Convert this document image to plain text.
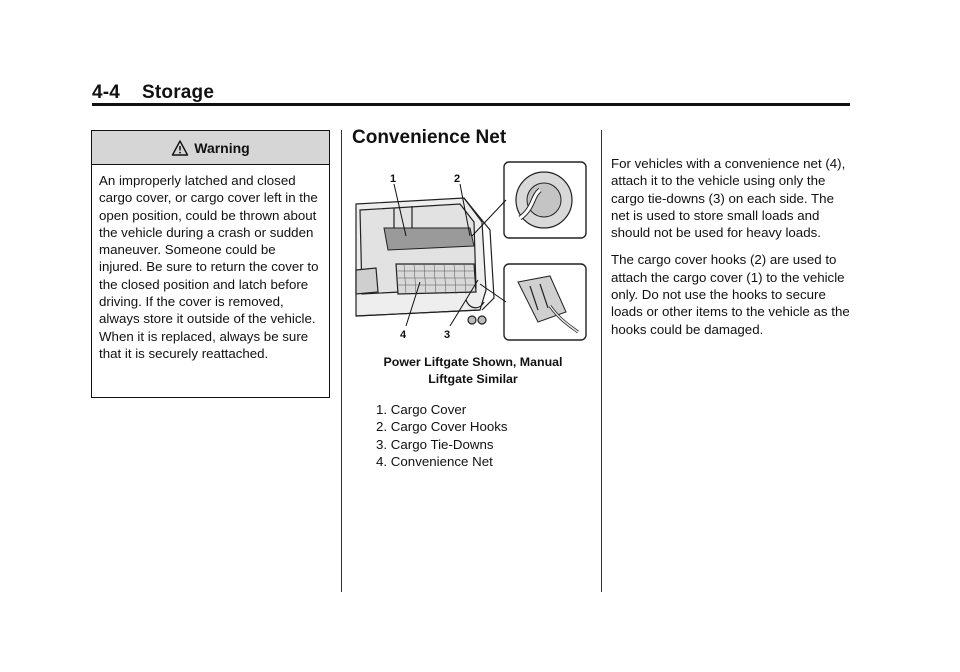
4-4 Storage
Warning
An improperly latched and closed cargo cover, or cargo cover left in the open position, could be thrown about the vehicle during a crash or sudden maneuver. Someone could be injured. Be sure to return the cover to the closed position and latch before driving. If the cover is removed, always store it outside of the vehicle. When it is replaced, always be sure that it is securely reattached.
Convenience Net
1	2
4	3
Power Liftgate Shown, Manual
Liftgate Similar
1. Cargo Cover
2. Cargo Cover Hooks
3. Cargo Tie-Downs
4. Convenience Net

For vehicles with a convenience net (4), attach it to the vehicle using only the cargo tie-downs (3) on each side. The net is used to store small loads and should not be used for heavy loads.

The cargo cover hooks (2) are used to attach the cargo cover (1) to the vehicle only. Do not use the hooks to secure loads or other items to the vehicle as the hooks could be damaged.
